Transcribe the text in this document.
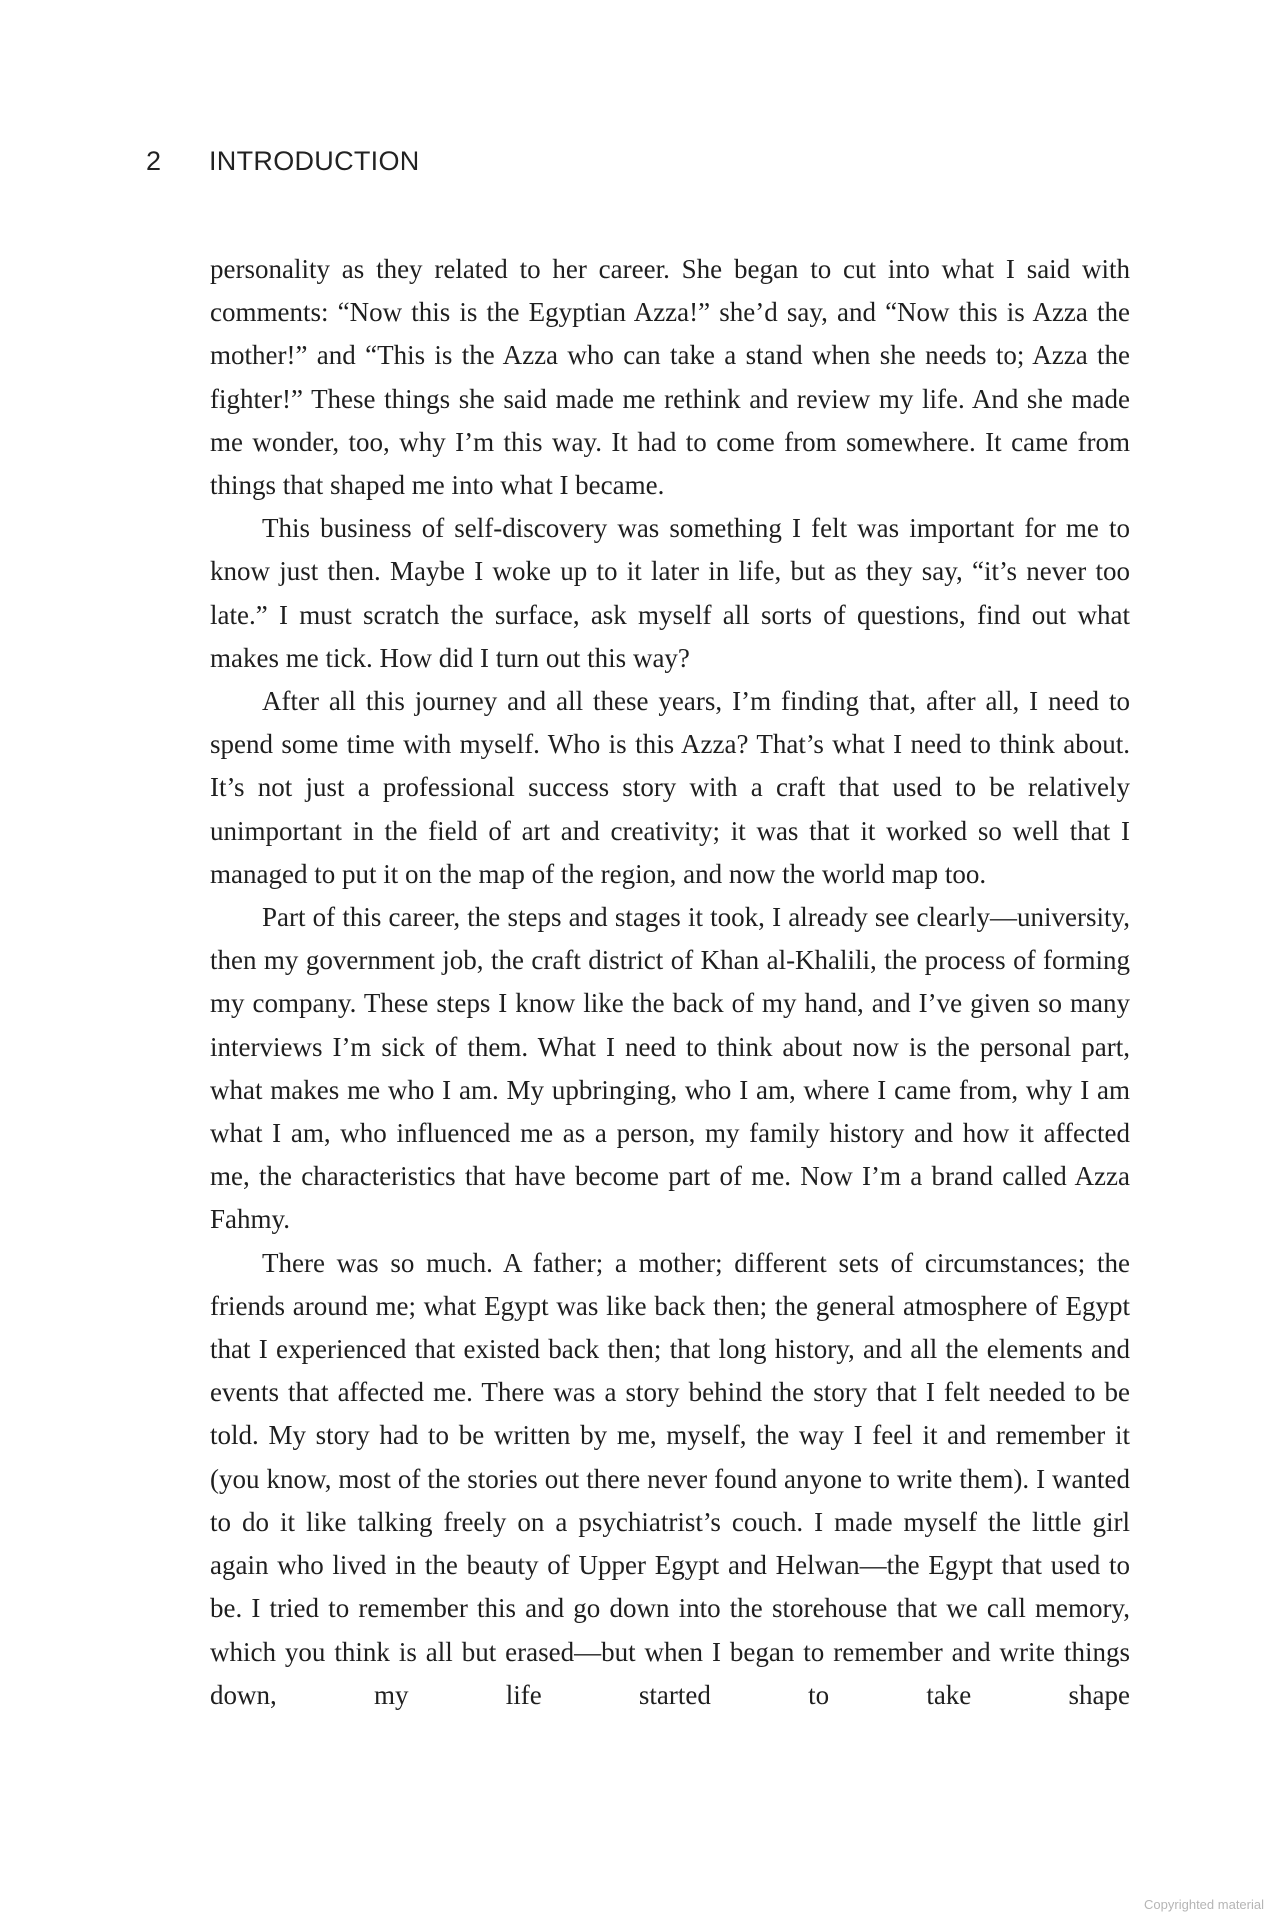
2 INTRODUCTION

personality as they related to her career. She began to cut into what I said with comments: “Now this is the Egyptian Azza!” she’d say, and “Now this is Azza the mother!” and “This is the Azza who can take a stand when she needs to; Azza the fighter!” These things she said made me rethink and review my life. And she made me wonder, too, why I’m this way. It had to come from somewhere. It came from things that shaped me into what I became.

This business of self-discovery was something I felt was important for me to know just then. Maybe I woke up to it later in life, but as they say, “it’s never too late.” I must scratch the surface, ask myself all sorts of questions, find out what makes me tick. How did I turn out this way?

After all this journey and all these years, I’m finding that, after all, I need to spend some time with myself. Who is this Azza? That’s what I need to think about. It’s not just a professional success story with a craft that used to be relatively unimportant in the field of art and creativity; it was that it worked so well that I managed to put it on the map of the region, and now the world map too.

Part of this career, the steps and stages it took, I already see clearly—university, then my government job, the craft district of Khan al-Khalili, the process of forming my company. These steps I know like the back of my hand, and I’ve given so many interviews I’m sick of them. What I need to think about now is the personal part, what makes me who I am. My upbringing, who I am, where I came from, why I am what I am, who influenced me as a person, my family history and how it affected me, the characteristics that have become part of me. Now I’m a brand called Azza Fahmy.

There was so much. A father; a mother; different sets of circumstances; the friends around me; what Egypt was like back then; the general atmosphere of Egypt that I experienced that existed back then; that long history, and all the elements and events that affected me. There was a story behind the story that I felt needed to be told. My story had to be written by me, myself, the way I feel it and remember it (you know, most of the stories out there never found anyone to write them). I wanted to do it like talking freely on a psychiatrist’s couch. I made myself the little girl again who lived in the beauty of Upper Egypt and Helwan—the Egypt that used to be. I tried to remember this and go down into the storehouse that we call memory, which you think is all but erased—but when I began to remember and write things down, my life started to take shape

Copyrighted material
